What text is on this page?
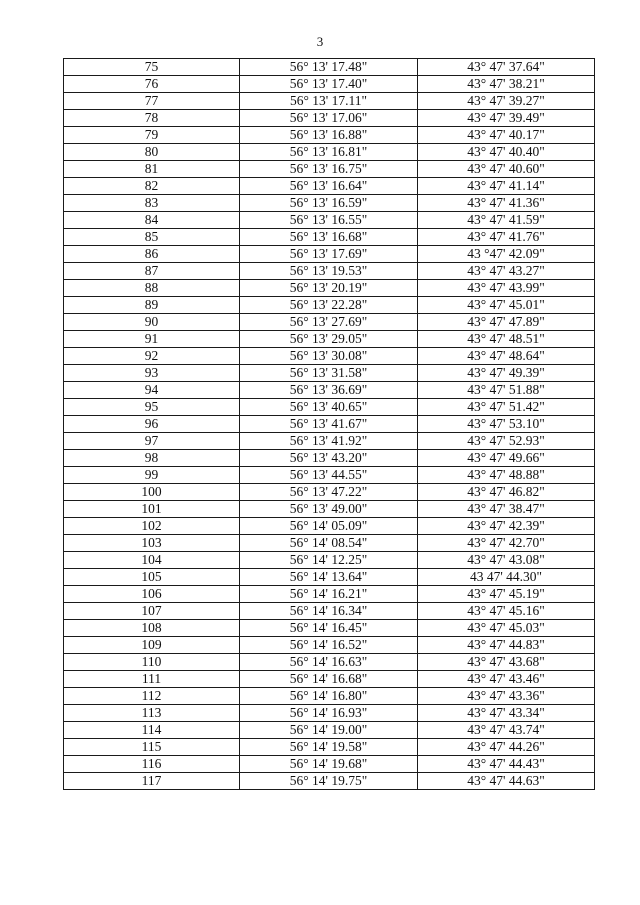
3
75	56° 13' 17.48"	43° 47' 37.64"
76	56° 13' 17.40"	43° 47' 38.21"
77	56° 13' 17.11"	43° 47' 39.27"
78	56° 13' 17.06"	43° 47' 39.49"
79	56° 13' 16.88"	43° 47' 40.17"
80	56° 13' 16.81"	43° 47' 40.40"
81	56° 13' 16.75"	43° 47' 40.60"
82	56° 13' 16.64"	43° 47' 41.14"
83	56° 13' 16.59"	43° 47' 41.36"
84	56° 13' 16.55"	43° 47' 41.59"
85	56° 13' 16.68"	43° 47' 41.76"
86	56° 13' 17.69"	43 °47' 42.09"
87	56° 13' 19.53"	43° 47' 43.27"
88	56° 13' 20.19"	43° 47' 43.99"
89	56° 13' 22.28"	43° 47' 45.01"
90	56° 13' 27.69"	43° 47' 47.89"
91	56° 13' 29.05"	43° 47' 48.51"
92	56° 13' 30.08"	43° 47' 48.64"
93	56° 13' 31.58"	43° 47' 49.39"
94	56° 13' 36.69"	43° 47' 51.88"
95	56° 13' 40.65"	43° 47' 51.42"
96	56° 13' 41.67"	43° 47' 53.10"
97	56° 13' 41.92"	43° 47' 52.93"
98	56° 13' 43.20"	43° 47' 49.66"
99	56° 13' 44.55"	43° 47' 48.88"
100	56° 13' 47.22"	43° 47' 46.82"
101	56° 13' 49.00"	43° 47' 38.47"
102	56° 14' 05.09"	43° 47' 42.39"
103	56° 14' 08.54"	43° 47' 42.70"
104	56° 14' 12.25"	43° 47' 43.08"
105	56° 14' 13.64"	43 47' 44.30"
106	56° 14' 16.21"	43° 47' 45.19"
107	56° 14' 16.34"	43° 47' 45.16"
108	56° 14' 16.45"	43° 47' 45.03"
109	56° 14' 16.52"	43° 47' 44.83"
110	56° 14' 16.63"	43° 47' 43.68"
111	56° 14' 16.68"	43° 47' 43.46"
112	56° 14' 16.80"	43° 47' 43.36"
113	56° 14' 16.93"	43° 47' 43.34"
114	56° 14' 19.00"	43° 47' 43.74"
115	56° 14' 19.58"	43° 47' 44.26"
116	56° 14' 19.68"	43° 47' 44.43"
117	56° 14' 19.75"	43° 47' 44.63"
